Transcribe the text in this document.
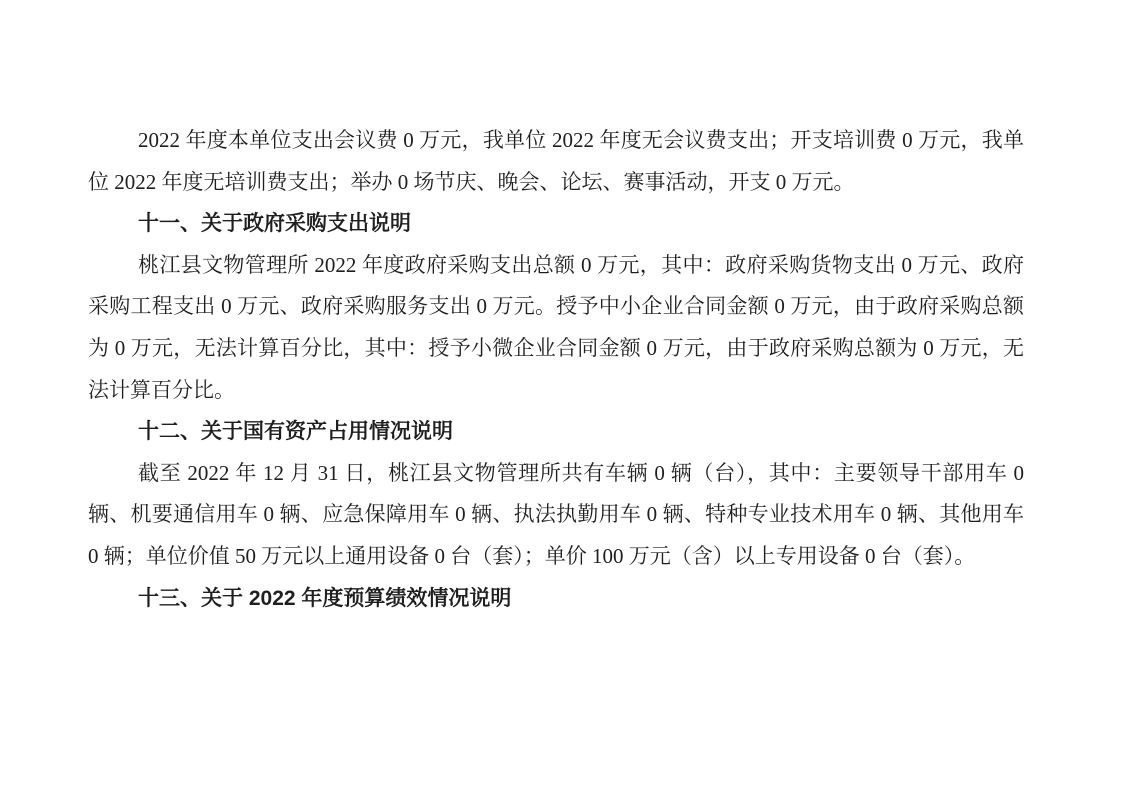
2022 年度本单位支出会议费 0 万元，我单位 2022 年度无会议费支出；开支培训费 0 万元，我单位 2022 年度无培训费支出；举办 0 场节庆、晚会、论坛、赛事活动，开支 0 万元。

十一、关于政府采购支出说明

桃江县文物管理所 2022 年度政府采购支出总额 0 万元，其中：政府采购货物支出 0 万元、政府采购工程支出 0 万元、政府采购服务支出 0 万元。授予中小企业合同金额 0 万元，由于政府采购总额为 0 万元，无法计算百分比，其中：授予小微企业合同金额 0 万元，由于政府采购总额为 0 万元，无法计算百分比。

十二、关于国有资产占用情况说明

截至 2022 年 12 月 31 日，桃江县文物管理所共有车辆 0 辆（台），其中：主要领导干部用车 0 辆、机要通信用车 0 辆、应急保障用车 0 辆、执法执勤用车 0 辆、特种专业技术用车 0 辆、其他用车 0 辆；单位价值 50 万元以上通用设备 0 台（套）；单价 100 万元（含）以上专用设备 0 台（套）。

十三、关于 2022 年度预算绩效情况说明
